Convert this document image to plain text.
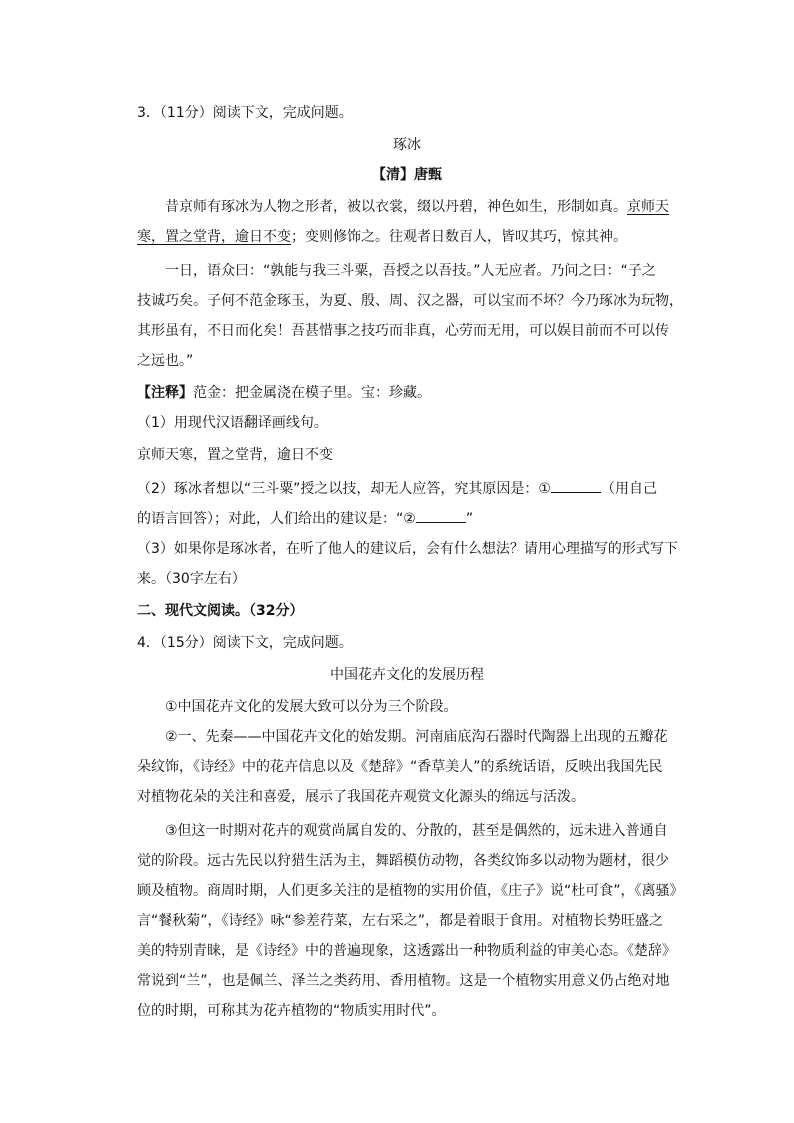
3．（11分）阅读下文，完成问题。
琢冰
【清】唐甄
昔京师有琢冰为人物之形者，被以衣裳，缀以丹碧，神色如生，形制如真。京师天
寒，置之堂背，逾日不变；变则修饰之。往观者日数百人，皆叹其巧，惊其神。
一日，语众曰：“孰能与我三斗粟，吾授之以吾技。”人无应者。乃问之曰：“子之
技诚巧矣。子何不范金琢玉，为夏、殷、周、汉之器，可以宝而不坏？今乃琢冰为玩物，
其形虽有，不日而化矣！吾甚惜事之技巧而非真，心劳而无用，可以娱目前而不可以传
之远也。”
【注释】范金：把金属浇在模子里。宝：珍藏。
（1）用现代汉语翻译画线句。
京师天寒，置之堂背，逾日不变
（2）琢冰者想以“三斗粟”授之以技，却无人应答，究其原因是：①	（用自己
的语言回答）；对此，人们给出的建议是：“②	”
（3）如果你是琢冰者，在听了他人的建议后，会有什么想法？请用心理描写的形式写下
来。（30字左右）
二、现代文阅读。（32分）
4．（15分）阅读下文，完成问题。
中国花卉文化的发展历程
①中国花卉文化的发展大致可以分为三个阶段。
②一、先秦——中国花卉文化的始发期。河南庙底沟石器时代陶器上出现的五瓣花
朵纹饰，《诗经》中的花卉信息以及《楚辞》“香草美人”的系统话语，反映出我国先民
对植物花朵的关注和喜爱，展示了我国花卉观赏文化源头的绵远与活泼。
③但这一时期对花卉的观赏尚属自发的、分散的，甚至是偶然的，远未进入普通自
觉的阶段。远古先民以狩猎生活为主，舞蹈模仿动物，各类纹饰多以动物为题材，很少
顾及植物。商周时期，人们更多关注的是植物的实用价值，《庄子》说“杜可食”，《离骚》
言“餐秋菊”，《诗经》咏“参差荇菜，左右采之”，都是着眼于食用。对植物长势旺盛之
美的特别青睐，是《诗经》中的普遍现象，这透露出一种物质利益的审美心态。《楚辞》
常说到“兰”，也是佩兰、泽兰之类药用、香用植物。这是一个植物实用意义仍占绝对地
位的时期，可称其为花卉植物的“物质实用时代”。
